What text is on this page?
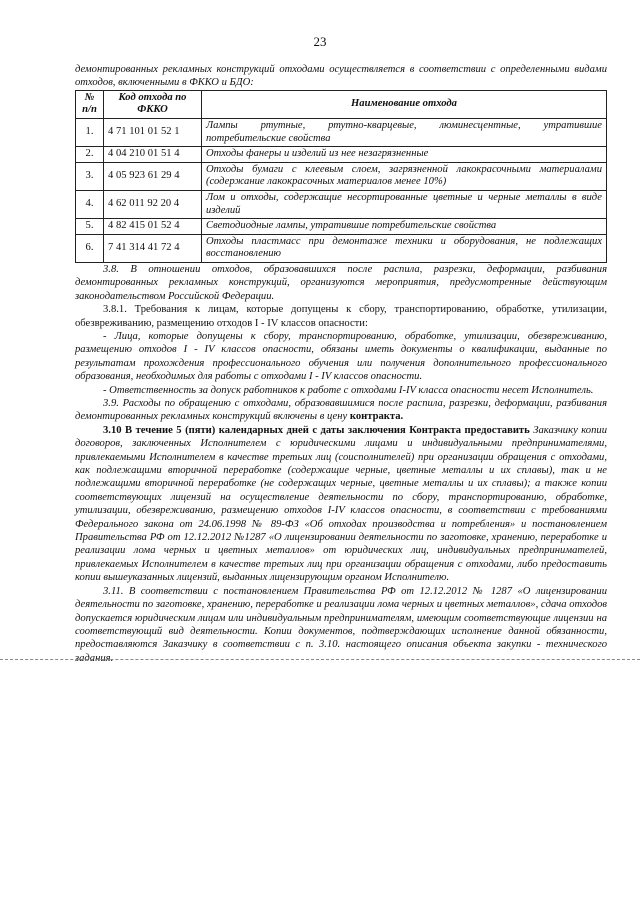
23

демонтированных рекламных конструкций отходами осуществляется в соответствии с определенными видами отходов, включенными в ФККО и БДО:

№ п/п	Код отхода по ФККО	Наименование отхода
1.	4 71 101 01 52 1	Лампы ртутные, ртутно-кварцевые, люминесцентные, утратившие потребительские свойства
2.	4 04 210 01 51 4	Отходы фанеры и изделий из нее незагрязненные
3.	4 05 923 61 29 4	Отходы бумаги с клеевым слоем, загрязненной лакокрасочными материалами (содержание лакокрасочных материалов менее 10%)
4.	4 62 011 92 20 4	Лом и отходы, содержащие несортированные цветные и черные металлы в виде изделий
5.	4 82 415 01 52 4	Светодиодные лампы, утратившие потребительские свойства
6.	7 41 314 41 72 4	Отходы пластмасс при демонтаже техники и оборудования, не подлежащих восстановлению

3.8. В отношении отходов, образовавшихся после распила, разрезки, деформации, разбивания демонтированных рекламных конструкций, организуются мероприятия, предусмотренные действующим законодательством Российской Федерации.

3.8.1. Требования к лицам, которые допущены к сбору, транспортированию, обработке, утилизации, обезвреживанию, размещению отходов I - IV классов опасности:

- Лица, которые допущены к сбору, транспортированию, обработке, утилизации, обезвреживанию, размещению отходов I - IV классов опасности, обязаны иметь документы о квалификации, выданные по результатам прохождения профессионального обучения или получения дополнительного профессионального образования, необходимых для работы с отходами I - IV классов опасности.

- Ответственность за допуск работников к работе с отходами I-IV класса опасности несет Исполнитель.

3.9. Расходы по обращению с отходами, образовавшимися после распила, разрезки, деформации, разбивания демонтированных рекламных конструкций включены в цену контракта.

3.10 В течение 5 (пяти) календарных дней с даты заключения Контракта предоставить Заказчику копии договоров, заключенных Исполнителем с юридическими лицами и индивидуальными предпринимателями, привлекаемыми Исполнителем в качестве третьих лиц (соисполнителей) при организации обращения с отходами, как подлежащими вторичной переработке (содержащие черные, цветные металлы и их сплавы), так и не подлежащими вторичной переработке (не содержащих черные, цветные металлы и их сплавы); а также копии соответствующих лицензий на осуществление деятельности по сбору, транспортированию, обработке, утилизации, обезвреживанию, размещению отходов I-IV классов опасности, в соответствии с требованиями Федерального закона от 24.06.1998 № 89-ФЗ «Об отходах производства и потребления» и постановлением Правительства РФ от 12.12.2012 №1287 «О лицензировании деятельности по заготовке, хранению, переработке и реализации лома черных и цветных металлов» от юридических лиц, индивидуальных предпринимателей, привлекаемых Исполнителем в качестве третьих лиц при организации обращения с отходами, либо предоставить копии вышеуказанных лицензий, выданных лицензирующим органом Исполнителю.

3.11. В соответствии с постановлением Правительства РФ от 12.12.2012 № 1287 «О лицензировании деятельности по заготовке, хранению, переработке и реализации лома черных и цветных металлов», сдача отходов допускается юридическим лицам или индивидуальным предпринимателям, имеющим соответствующие лицензии на соответствующий вид деятельности. Копии документов, подтверждающих исполнение данной обязанности, предоставляются Заказчику в соответствии с п. 3.10. настоящего описания объекта закупки - технического задания.
